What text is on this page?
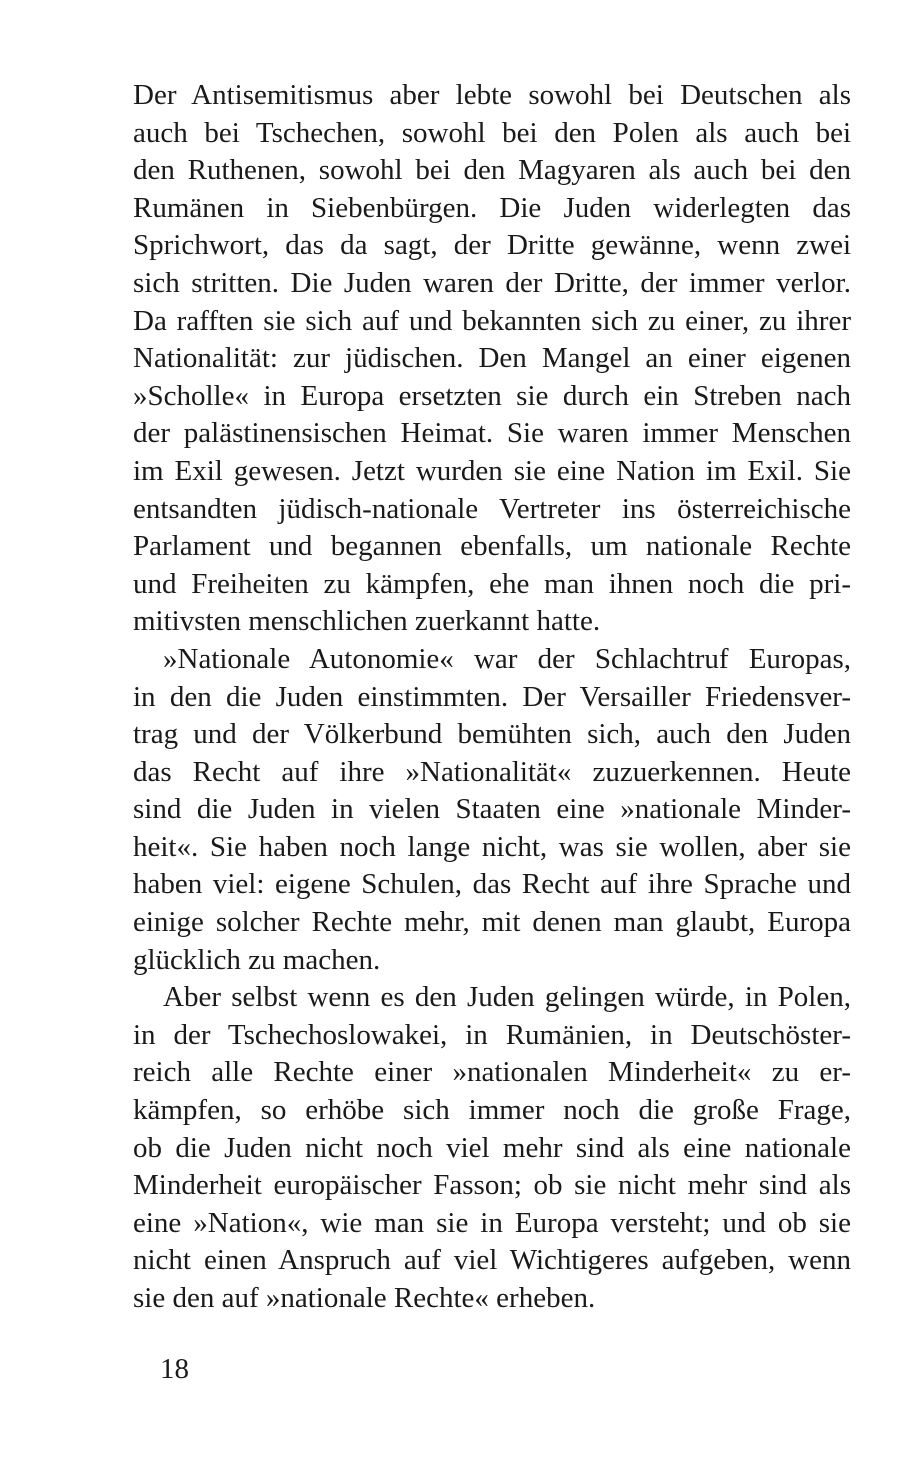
Der Antisemitismus aber lebte sowohl bei Deutschen als
auch bei Tschechen, sowohl bei den Polen als auch bei
den Ruthenen, sowohl bei den Magyaren als auch bei den
Rumänen in Siebenbürgen. Die Juden widerlegten das
Sprichwort, das da sagt, der Dritte gewänne, wenn zwei
sich stritten. Die Juden waren der Dritte, der immer verlor.
Da rafften sie sich auf und bekannten sich zu einer, zu ihrer
Nationalität: zur jüdischen. Den Mangel an einer eigenen
»Scholle« in Europa ersetzten sie durch ein Streben nach
der palästinensischen Heimat. Sie waren immer Menschen
im Exil gewesen. Jetzt wurden sie eine Nation im Exil. Sie
entsandten jüdisch-nationale Vertreter ins österreichische
Parlament und begannen ebenfalls, um nationale Rechte
und Freiheiten zu kämpfen, ehe man ihnen noch die pri-
mitivsten menschlichen zuerkannt hatte.

»Nationale Autonomie« war der Schlachtruf Europas,
in den die Juden einstimmten. Der Versailler Friedensver-
trag und der Völkerbund bemühten sich, auch den Juden
das Recht auf ihre »Nationalität« zuzuerkennen. Heute
sind die Juden in vielen Staaten eine »nationale Minder-
heit«. Sie haben noch lange nicht, was sie wollen, aber sie
haben viel: eigene Schulen, das Recht auf ihre Sprache und
einige solcher Rechte mehr, mit denen man glaubt, Europa
glücklich zu machen.

Aber selbst wenn es den Juden gelingen würde, in Polen,
in der Tschechoslowakei, in Rumänien, in Deutschöster-
reich alle Rechte einer »nationalen Minderheit« zu er-
kämpfen, so erhöbe sich immer noch die große Frage,
ob die Juden nicht noch viel mehr sind als eine nationale
Minderheit europäischer Fasson; ob sie nicht mehr sind als
eine »Nation«, wie man sie in Europa versteht; und ob sie
nicht einen Anspruch auf viel Wichtigeres aufgeben, wenn
sie den auf »nationale Rechte« erheben.

18
